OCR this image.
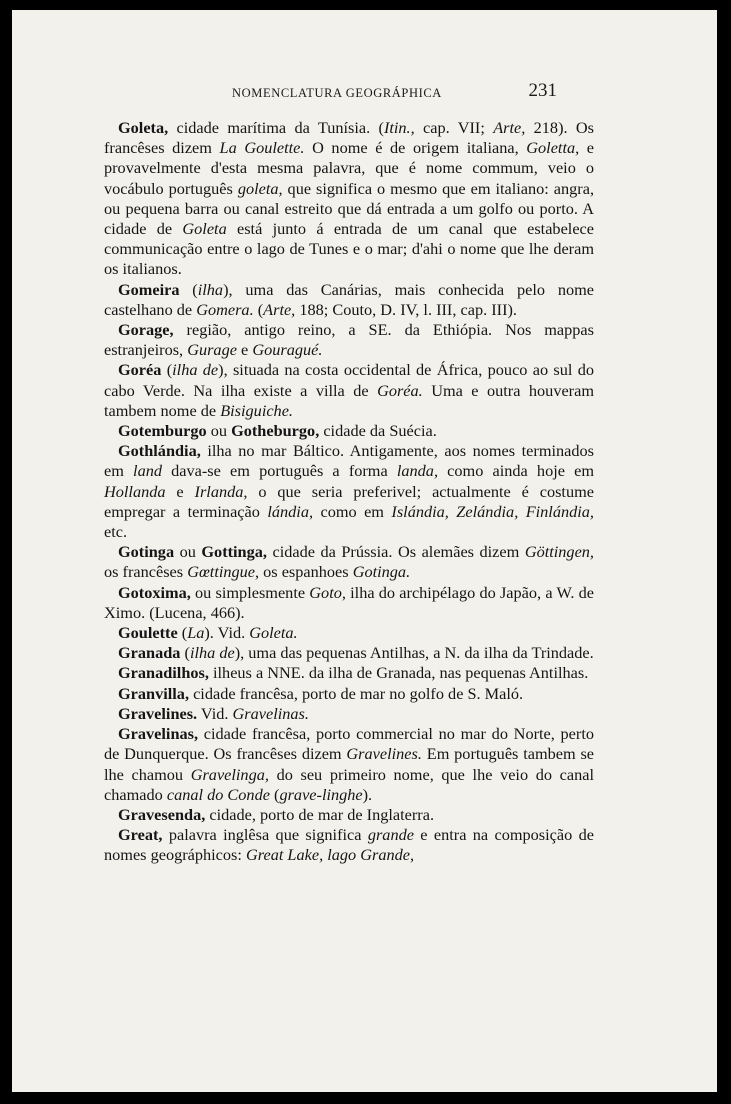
NOMENCLATURA GEOGRÁPHICA	231

Goleta, cidade marítima da Tunísia. (Itin., cap. VII; Arte, 218). Os francêses dizem La Goulette. O nome é de origem italiana, Goletta, e provavelmente d'esta mesma palavra, que é nome commum, veio o vocábulo português goleta, que significa o mesmo que em italiano: angra, ou pequena barra ou canal estreito que dá entrada a um golfo ou porto. A cidade de Goleta está junto á entrada de um canal que estabelece communicação entre o lago de Tunes e o mar; d'ahi o nome que lhe deram os italianos.

Gomeira (ilha), uma das Canárias, mais conhecida pelo nome castelhano de Gomera. (Arte, 188; Couto, D. IV, l. III, cap. III).

Gorage, região, antigo reino, a SE. da Ethiópia. Nos mappas estranjeiros, Gurage e Gouragué.

Goréa (ilha de), situada na costa occidental de África, pouco ao sul do cabo Verde. Na ilha existe a villa de Goréa. Uma e outra houveram tambem nome de Bisiguiche.

Gotemburgo ou Gotheburgo, cidade da Suécia.

Gothlándia, ilha no mar Báltico. Antigamente, aos nomes terminados em land dava-se em português a forma landa, como ainda hoje em Hollanda e Irlanda, o que seria preferivel; actualmente é costume empregar a terminação lándia, como em Islándia, Zelándia, Finlándia, etc.

Gotinga ou Gottinga, cidade da Prússia. Os alemães dizem Göttingen, os francêses Gœttingue, os espanhoes Gotinga.

Gotoxima, ou simplesmente Goto, ilha do archipélago do Japão, a W. de Ximo. (Lucena, 466).

Goulette (La). Vid. Goleta.

Granada (ilha de), uma das pequenas Antilhas, a N. da ilha da Trindade.

Granadilhos, ilheus a NNE. da ilha de Granada, nas pequenas Antilhas.

Granvilla, cidade francêsa, porto de mar no golfo de S. Maló.

Gravelines. Vid. Gravelinas.

Gravelinas, cidade francêsa, porto commercial no mar do Norte, perto de Dunquerque. Os francêses dizem Gravelines. Em português tambem se lhe chamou Gravelinga, do seu primeiro nome, que lhe veio do canal chamado canal do Conde (grave-linghe).

Gravesenda, cidade, porto de mar de Inglaterra.

Great, palavra inglêsa que significa grande e entra na composição de nomes geográphicos: Great Lake, lago Grande,
